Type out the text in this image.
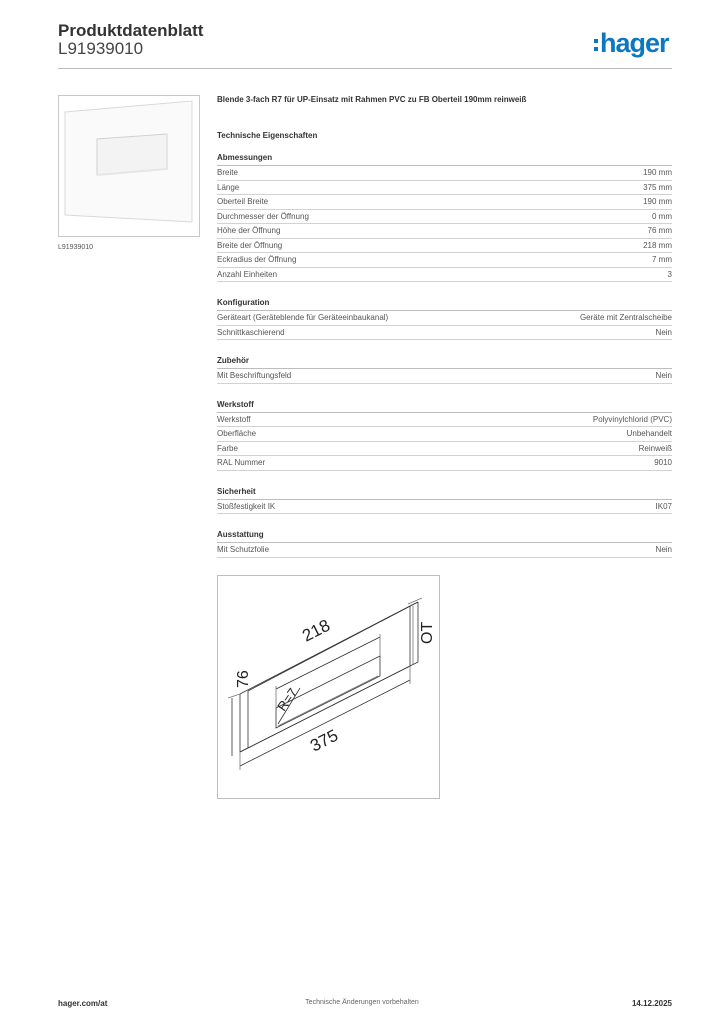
Produktdatenblatt
L91939010	hager
L91939010
Blende 3-fach R7 für UP-Einsatz mit Rahmen PVC zu FB Oberteil 190mm reinweiß
Technische Eigenschaften
Abmessungen
Breite	190 mm
Länge	375 mm
Oberteil Breite	190 mm
Durchmesser der Öffnung	0 mm
Höhe der Öffnung	76 mm
Breite der Öffnung	218 mm
Eckradius der Öffnung	7 mm
Anzahl Einheiten	3
Konfiguration
Geräteart (Geräteblende für Geräteeinbaukanal)	Geräte mit Zentralscheibe
Schnittkaschierend	Nein
Zubehör
Mit Beschriftungsfeld	Nein
Werkstoff
Werkstoff	Polyvinylchlorid (PVC)
Oberfläche	Unbehandelt
Farbe	Reinweiß
RAL Nummer	9010
Sicherheit
Stoßfestigkeit IK	IK07
Ausstattung
Mit Schutzfolie	Nein
218
375
76
R=7
OT
hager.com/at	Technische Änderungen vorbehalten	14.12.2025
